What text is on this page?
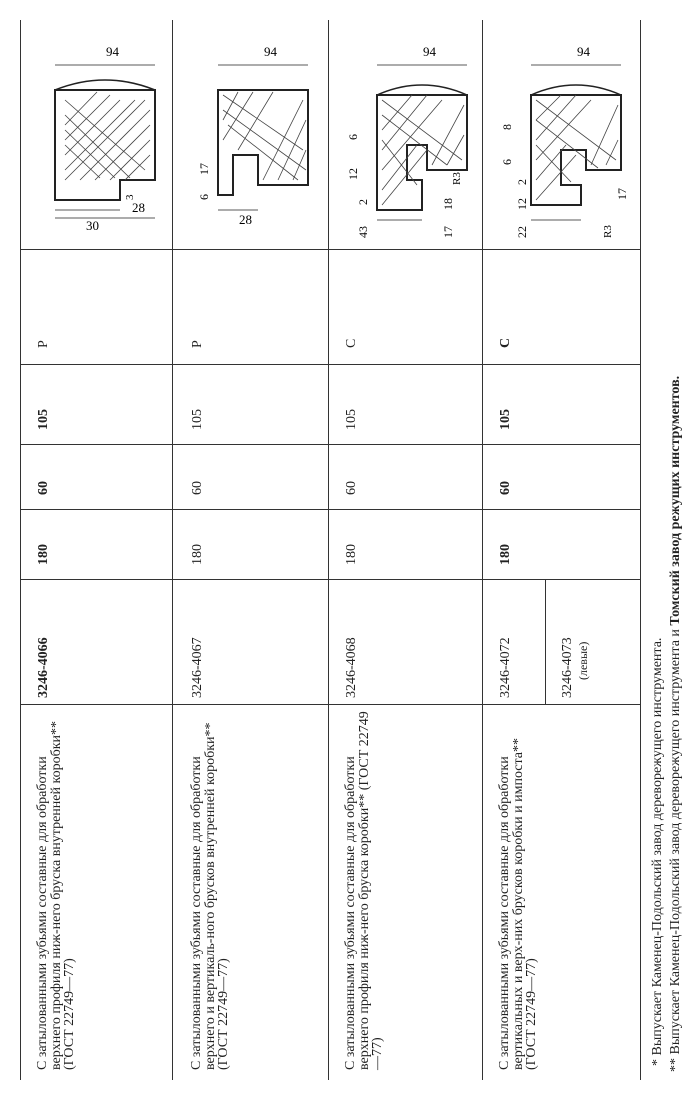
С затылованными зубьями составные для обработки верхнего профиля ниж-него бруска внутренней коробки** (ГОСТ 22749—77)
3246-4066
180
60
105
Р
С затылованными зубьями составные для обработки верхнего и вертикаль-ного брусков внутренней коробки** (ГОСТ 22749—77)
3246-4067
180
60
105
Р
С затылованными зубьями составные для обработки верхнего профиля ниж-него бруска коробки** (ГОСТ 22749—77)
3246-4068
180
60
105
С
С затылованными зубьями составные для обработки вертикальных и верх-них брусков коробки и импоста** (ГОСТ 22749—77)
3246-4072	3246-4073 (левые)
180
60
105
С
30
28
94
3
28
6
17
94
17
18
43
2
12	R3
94
6
R3
22
12
2
6
8
17
94
* Выпускает Каменец-Подольский завод дереворежущего инструмента.
** Выпускает Каменец-Подольский завод дереворежущего инструмента и Томский завод режущих инструментов.
